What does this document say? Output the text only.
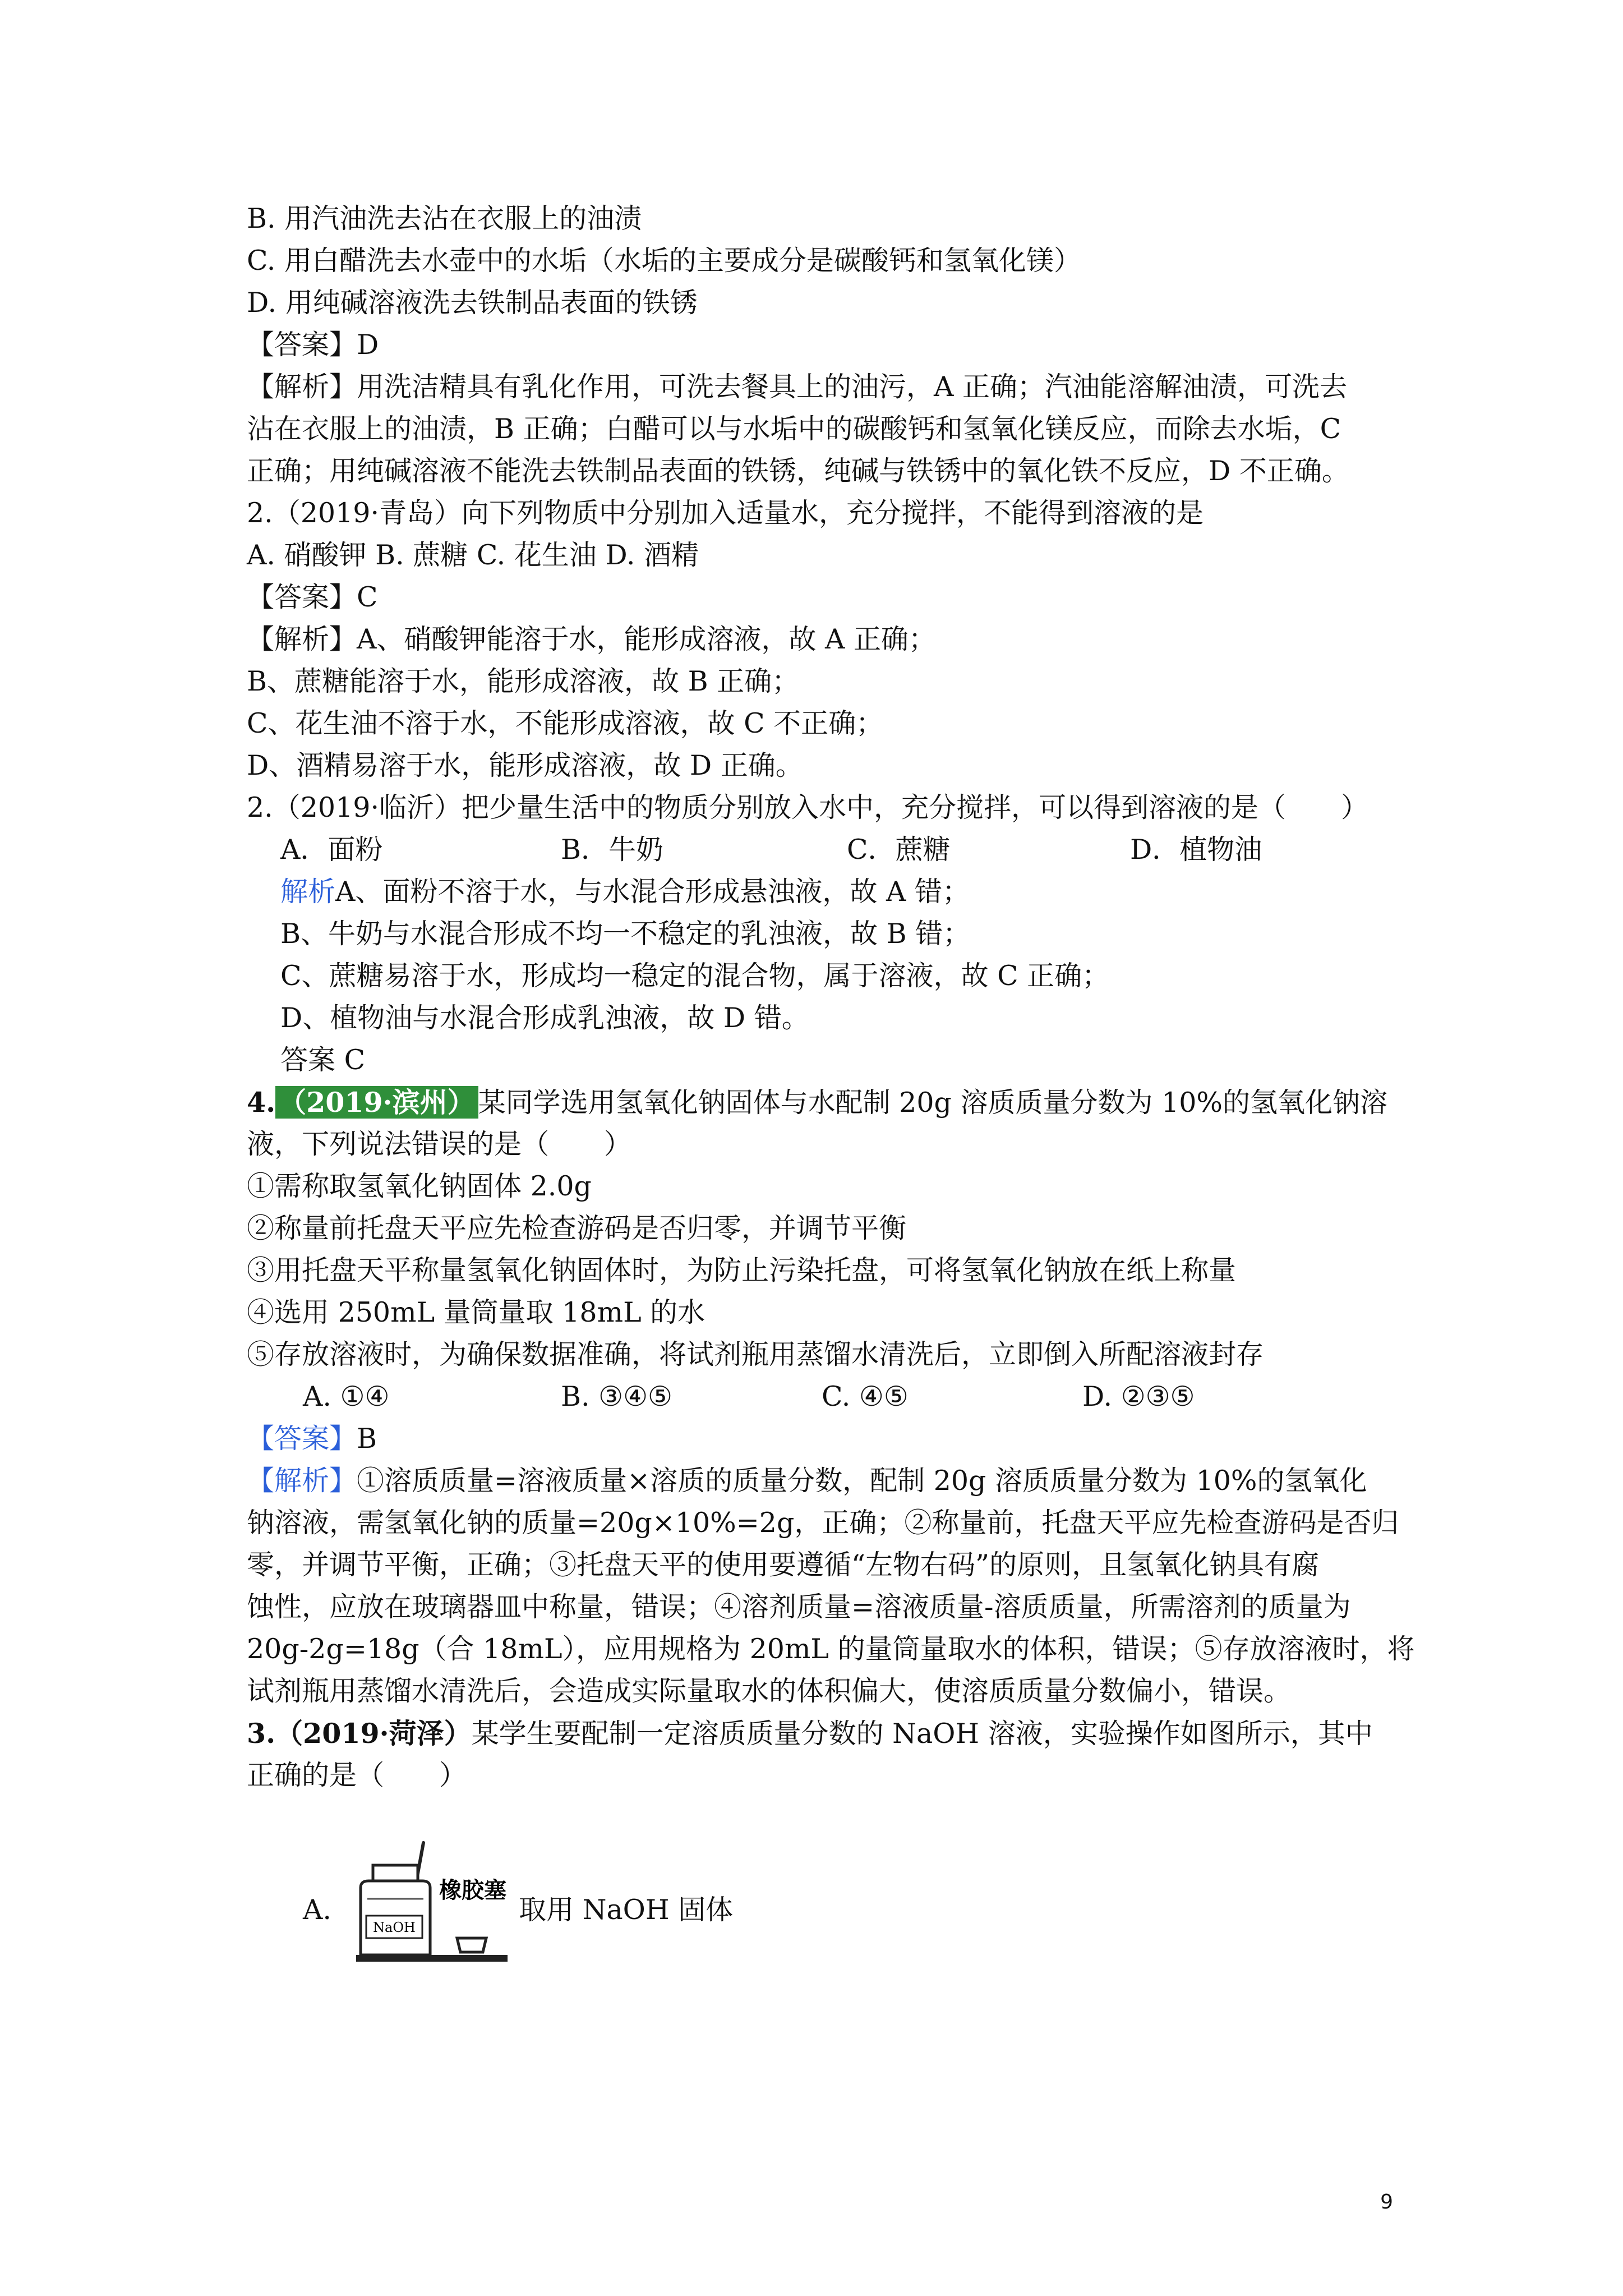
B. 用汽油洗去沾在衣服上的油渍
C. 用白醋洗去水壶中的水垢（水垢的主要成分是碳酸钙和氢氧化镁）
D. 用纯碱溶液洗去铁制品表面的铁锈
【答案】D
【解析】用洗洁精具有乳化作用，可洗去餐具上的油污，A 正确；汽油能溶解油渍，可洗去
沾在衣服上的油渍，B 正确；白醋可以与水垢中的碳酸钙和氢氧化镁反应，而除去水垢，C
正确；用纯碱溶液不能洗去铁制品表面的铁锈，纯碱与铁锈中的氧化铁不反应，D 不正确。
2.（2019·青岛）向下列物质中分别加入适量水，充分搅拌，不能得到溶液的是
A. 硝酸钾 B. 蔗糖 C. 花生油 D. 酒精
【答案】C
【解析】A、硝酸钾能溶于水，能形成溶液，故 A 正确；
B、蔗糖能溶于水，能形成溶液，故 B 正确；
C、花生油不溶于水，不能形成溶液，故 C 不正确；
D、酒精易溶于水，能形成溶液，故 D 正确。
2.（2019·临沂）把少量生活中的物质分别放入水中，充分搅拌，可以得到溶液的是（　　）
A．面粉	B．牛奶	C．蔗糖	D．植物油
解析A、面粉不溶于水，与水混合形成悬浊液，故 A 错；
B、牛奶与水混合形成不均一不稳定的乳浊液，故 B 错；
C、蔗糖易溶于水，形成均一稳定的混合物，属于溶液，故 C 正确；
D、植物油与水混合形成乳浊液，故 D 错。
答案 C
4. （2019·滨州） 某同学选用氢氧化钠固体与水配制 20g 溶质质量分数为 10%的氢氧化钠溶
液，下列说法错误的是（　　）
①需称取氢氧化钠固体 2.0g
②称量前托盘天平应先检查游码是否归零，并调节平衡
③用托盘天平称量氢氧化钠固体时，为防止污染托盘，可将氢氧化钠放在纸上称量
④选用 250mL 量筒量取 18mL 的水
⑤存放溶液时，为确保数据准确，将试剂瓶用蒸馏水清洗后，立即倒入所配溶液封存
A. ①④	B. ③④⑤	C. ④⑤	D. ②③⑤
【答案】B
【解析】①溶质质量=溶液质量×溶质的质量分数，配制 20g 溶质质量分数为 10%的氢氧化
钠溶液，需氢氧化钠的质量=20g×10%=2g，正确；②称量前，托盘天平应先检查游码是否归
零，并调节平衡，正确；③托盘天平的使用要遵循“左物右码”的原则，且氢氧化钠具有腐
蚀性，应放在玻璃器皿中称量，错误；④溶剂质量=溶液质量-溶质质量，所需溶剂的质量为
20g-2g=18g（合 18mL），应用规格为 20mL 的量筒量取水的体积，错误；⑤存放溶液时，将
试剂瓶用蒸馏水清洗后，会造成实际量取水的体积偏大，使溶质质量分数偏小，错误。
3.（2019·菏泽）某学生要配制一定溶质质量分数的 NaOH 溶液，实验操作如图所示，其中
正确的是（　　）
A.
NaOH
橡胶塞
取用 NaOH 固体
9
